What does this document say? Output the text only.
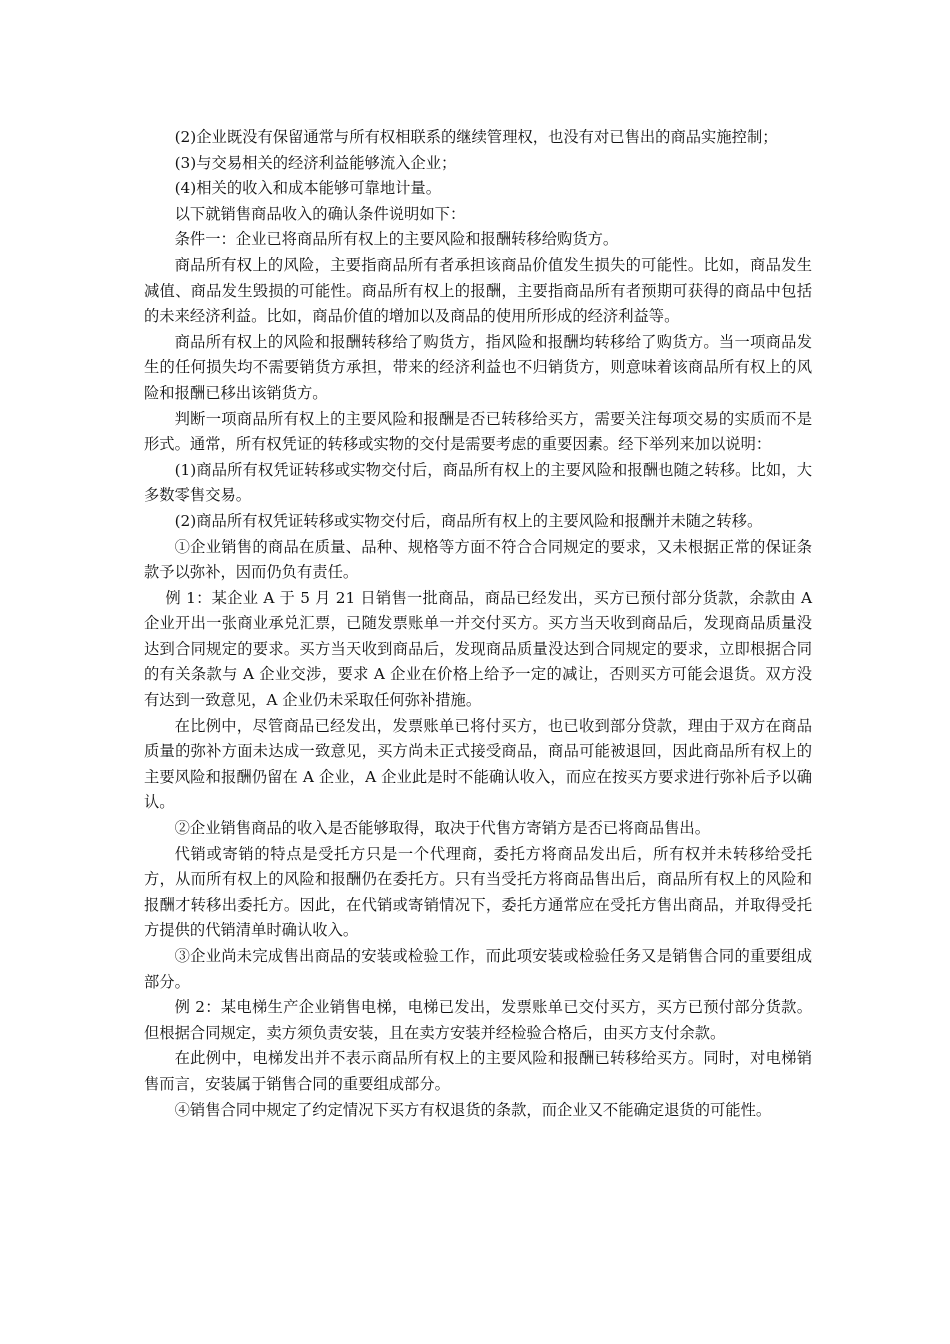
(2)企业既没有保留通常与所有权相联系的继续管理权，也没有对已售出的商品实施控制；

(3)与交易相关的经济利益能够流入企业；

(4)相关的收入和成本能够可靠地计量。

以下就销售商品收入的确认条件说明如下：

条件一：企业已将商品所有权上的主要风险和报酬转移给购货方。

商品所有权上的风险，主要指商品所有者承担该商品价值发生损失的可能性。比如，商品发生减值、商品发生毁损的可能性。商品所有权上的报酬，主要指商品所有者预期可获得的商品中包括的未来经济利益。比如，商品价值的增加以及商品的使用所形成的经济利益等。

商品所有权上的风险和报酬转移给了购货方，指风险和报酬均转移给了购货方。当一项商品发生的任何损失均不需要销货方承担，带来的经济利益也不归销货方，则意味着该商品所有权上的风险和报酬已移出该销货方。

判断一项商品所有权上的主要风险和报酬是否已转移给买方，需要关注每项交易的实质而不是形式。通常，所有权凭证的转移或实物的交付是需要考虑的重要因素。经下举列来加以说明：

(1)商品所有权凭证转移或实物交付后，商品所有权上的主要风险和报酬也随之转移。比如，大多数零售交易。

(2)商品所有权凭证转移或实物交付后，商品所有权上的主要风险和报酬并未随之转移。

①企业销售的商品在质量、品种、规格等方面不符合合同规定的要求，又未根据正常的保证条款予以弥补，因而仍负有责任。

例 1：某企业 A 于 5 月 21 日销售一批商品，商品已经发出，买方已预付部分货款，余款由 A 企业开出一张商业承兑汇票，已随发票账单一并交付买方。买方当天收到商品后，发现商品质量没达到合同规定的要求。买方当天收到商品后，发现商品质量没达到合同规定的要求，立即根据合同的有关条款与 A 企业交涉，要求 A 企业在价格上给予一定的减让，否则买方可能会退货。双方没有达到一致意见，A 企业仍未采取任何弥补措施。

在比例中，尽管商品已经发出，发票账单已将付买方，也已收到部分贷款，理由于双方在商品质量的弥补方面未达成一致意见，买方尚未正式接受商品，商品可能被退回，因此商品所有权上的主要风险和报酬仍留在 A 企业，A 企业此是时不能确认收入，而应在按买方要求进行弥补后予以确认。

②企业销售商品的收入是否能够取得，取决于代售方寄销方是否已将商品售出。

代销或寄销的特点是受托方只是一个代理商，委托方将商品发出后，所有权并未转移给受托方，从而所有权上的风险和报酬仍在委托方。只有当受托方将商品售出后，商品所有权上的风险和报酬才转移出委托方。因此，在代销或寄销情况下，委托方通常应在受托方售出商品，并取得受托方提供的代销清单时确认收入。

③企业尚未完成售出商品的安装或检验工作，而此项安装或检验任务又是销售合同的重要组成部分。

例 2：某电梯生产企业销售电梯，电梯已发出，发票账单已交付买方，买方已预付部分货款。但根据合同规定，卖方须负责安装，且在卖方安装并经检验合格后，由买方支付余款。

在此例中，电梯发出并不表示商品所有权上的主要风险和报酬已转移给买方。同时，对电梯销售而言，安装属于销售合同的重要组成部分。

④销售合同中规定了约定情况下买方有权退货的条款，而企业又不能确定退货的可能性。
